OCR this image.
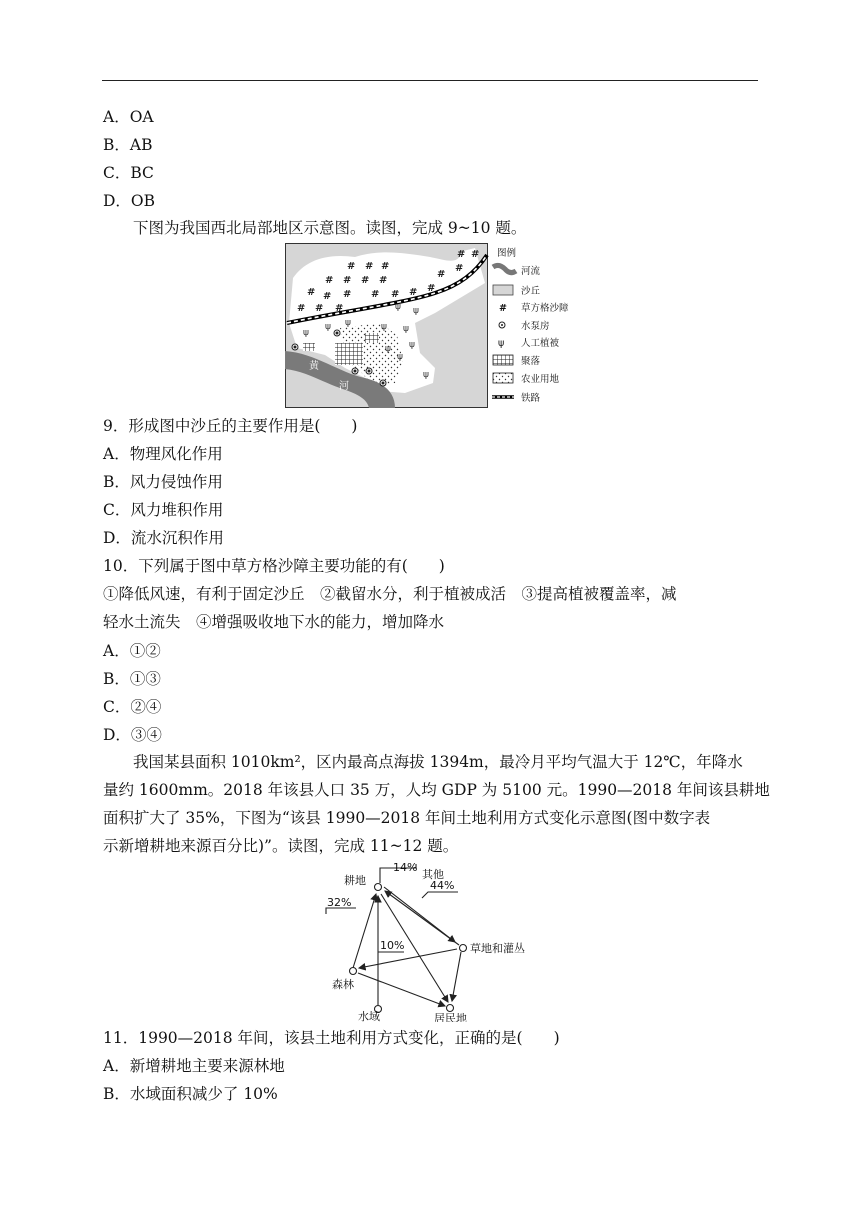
A．OA
B．AB
C．BC
D．OB
下图为我国西北局部地区示意图。读图，完成 9~10 题。
黄
河
# # #
# #
# # # #
#
#
# # # # # # #
# # #	ψ ψ
ψ ψ	ψ ψ
ψ
ψ
ψ
ψ
ψ
图例
河流
沙丘
# 草方格沙障
水泵房
ψ 人工植被
聚落
农业用地
铁路
9．形成图中沙丘的主要作用是(　　)
A．物理风化作用
B．风力侵蚀作用
C．风力堆积作用
D．流水沉积作用
10．下列属于图中草方格沙障主要功能的有(　　)
①降低风速，有利于固定沙丘　②截留水分，利于植被成活　③提高植被覆盖率，减
轻水土流失　④增强吸收地下水的能力，增加降水
A．①②
B．①③
C．②④
D．③④
我国某县面积 1010km²，区内最高点海拔 1394m，最冷月平均气温大于 12℃，年降水
量约 1600mm。2018 年该县人口 35 万，人均 GDP 为 5100 元。1990—2018 年间该县耕地
面积扩大了 35%，下图为“该县 1990—2018 年间土地利用方式变化示意图(图中数字表
示新增耕地来源百分比)”。读图，完成 11~12 题。
耕地	其他
草地和灌丛
森林
水域	居民地
14%
32%
44%
10%
11．1990—2018 年间，该县土地利用方式变化，正确的是(　　)
A．新增耕地主要来源林地
B．水域面积减少了 10%
